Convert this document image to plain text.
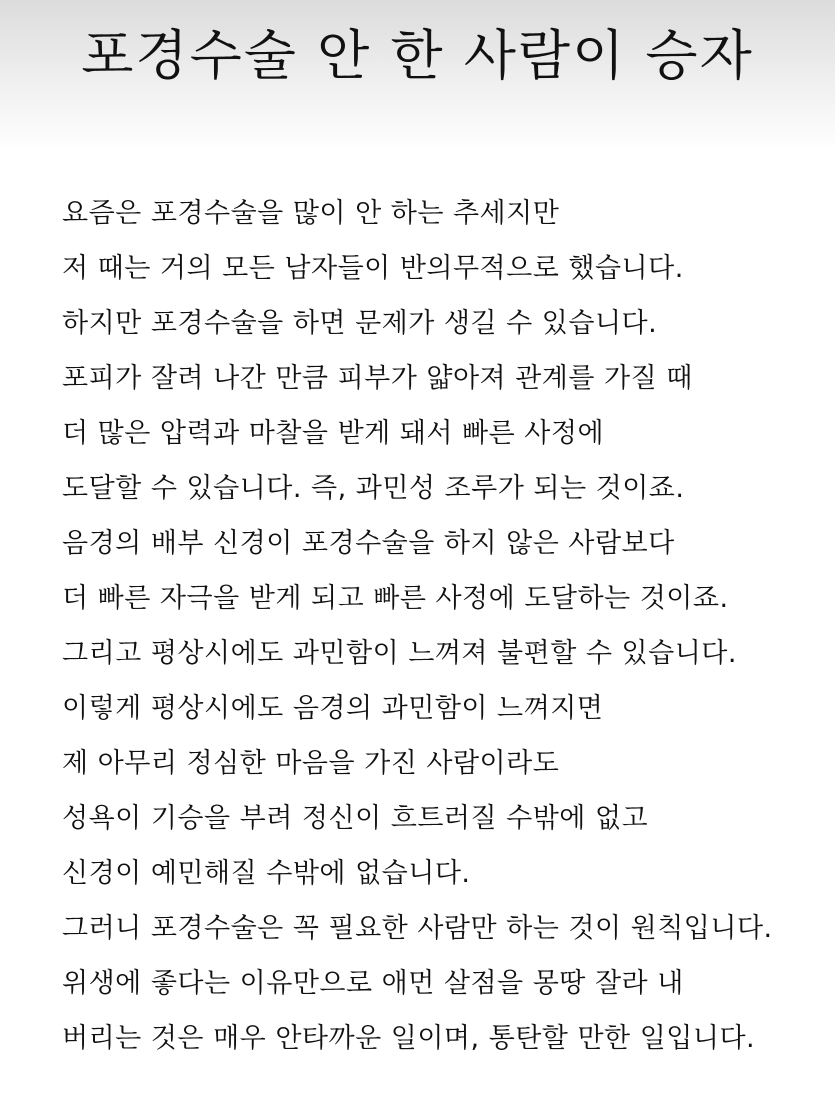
포경수술 안 한 사람이 승자
요즘은 포경수술을 많이 안 하는 추세지만
저 때는 거의 모든 남자들이 반의무적으로 했습니다.
하지만 포경수술을 하면 문제가 생길 수 있습니다.
포피가 잘려 나간 만큼 피부가 얇아져 관계를 가질 때
더 많은 압력과 마찰을 받게 돼서 빠른 사정에
도달할 수 있습니다. 즉, 과민성 조루가 되는 것이죠.
음경의 배부 신경이 포경수술을 하지 않은 사람보다
더 빠른 자극을 받게 되고 빠른 사정에 도달하는 것이죠.
그리고 평상시에도 과민함이 느껴져 불편할 수 있습니다.
이렇게 평상시에도 음경의 과민함이 느껴지면
제 아무리 정심한 마음을 가진 사람이라도
성욕이 기승을 부려 정신이 흐트러질 수밖에 없고
신경이 예민해질 수밖에 없습니다.
그러니 포경수술은 꼭 필요한 사람만 하는 것이 원칙입니다.
위생에 좋다는 이유만으로 애먼 살점을 몽땅 잘라 내
버리는 것은 매우 안타까운 일이며, 통탄할 만한 일입니다.
